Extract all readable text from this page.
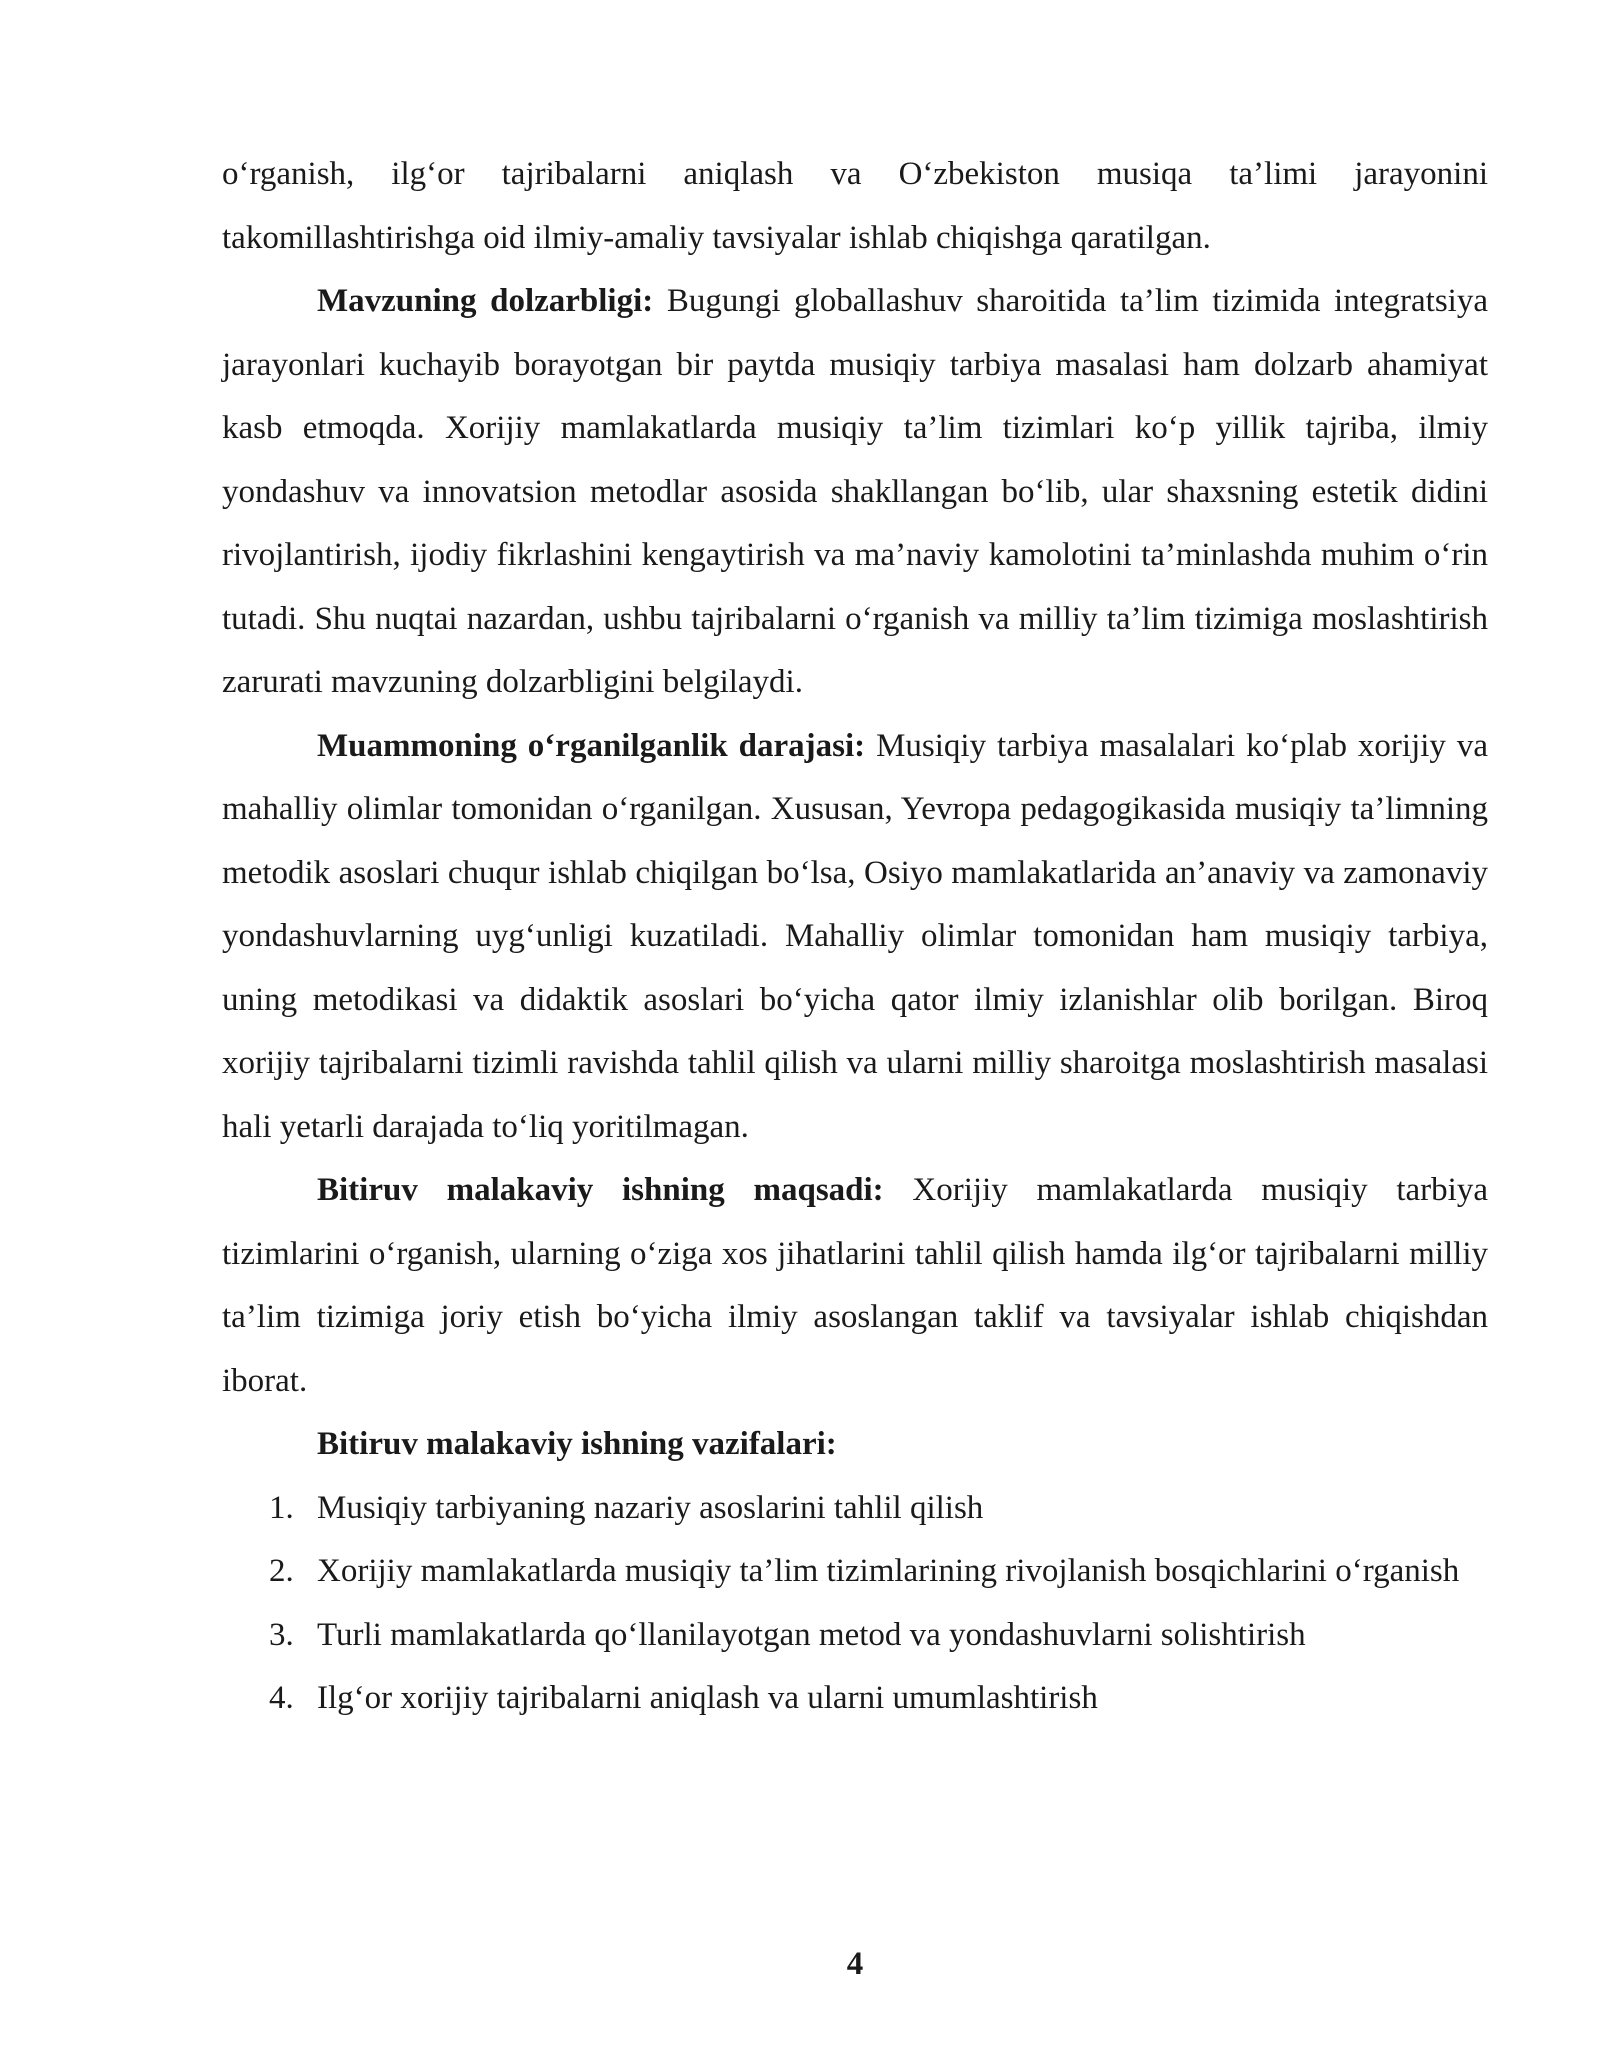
o‘rganish, ilg‘or tajribalarni aniqlash va O‘zbekiston musiqa ta’limi jarayonini takomillashtirishga oid ilmiy-amaliy tavsiyalar ishlab chiqishga qaratilgan.

Mavzuning dolzarbligi: Bugungi globallashuv sharoitida ta’lim tizimida integratsiya jarayonlari kuchayib borayotgan bir paytda musiqiy tarbiya masalasi ham dolzarb ahamiyat kasb etmoqda. Xorijiy mamlakatlarda musiqiy ta’lim tizimlari ko‘p yillik tajriba, ilmiy yondashuv va innovatsion metodlar asosida shakllangan bo‘lib, ular shaxsning estetik didini rivojlantirish, ijodiy fikrlashini kengaytirish va ma’naviy kamolotini ta’minlashda muhim o‘rin tutadi. Shu nuqtai nazardan, ushbu tajribalarni o‘rganish va milliy ta’lim tizimiga moslashtirish zarurati mavzuning dolzarbligini belgilaydi.

Muammoning o‘rganilganlik darajasi: Musiqiy tarbiya masalalari ko‘plab xorijiy va mahalliy olimlar tomonidan o‘rganilgan. Xususan, Yevropa pedagogikasida musiqiy ta’limning metodik asoslari chuqur ishlab chiqilgan bo‘lsa, Osiyo mamlakatlarida an’anaviy va zamonaviy yondashuvlarning uyg‘unligi kuzatiladi. Mahalliy olimlar tomonidan ham musiqiy tarbiya, uning metodikasi va didaktik asoslari bo‘yicha qator ilmiy izlanishlar olib borilgan. Biroq xorijiy tajribalarni tizimli ravishda tahlil qilish va ularni milliy sharoitga moslashtirish masalasi hali yetarli darajada to‘liq yoritilmagan.

Bitiruv malakaviy ishning maqsadi: Xorijiy mamlakatlarda musiqiy tarbiya tizimlarini o‘rganish, ularning o‘ziga xos jihatlarini tahlil qilish hamda ilg‘or tajribalarni milliy ta’lim tizimiga joriy etish bo‘yicha ilmiy asoslangan taklif va tavsiyalar ishlab chiqishdan iborat.

Bitiruv malakaviy ishning vazifalari:

1. Musiqiy tarbiyaning nazariy asoslarini tahlil qilish
2. Xorijiy mamlakatlarda musiqiy ta’lim tizimlarining rivojlanish bosqichlarini o‘rganish
3. Turli mamlakatlarda qo‘llanilayotgan metod va yondashuvlarni solishtirish
4. Ilg‘or xorijiy tajribalarni aniqlash va ularni umumlashtirish
4
